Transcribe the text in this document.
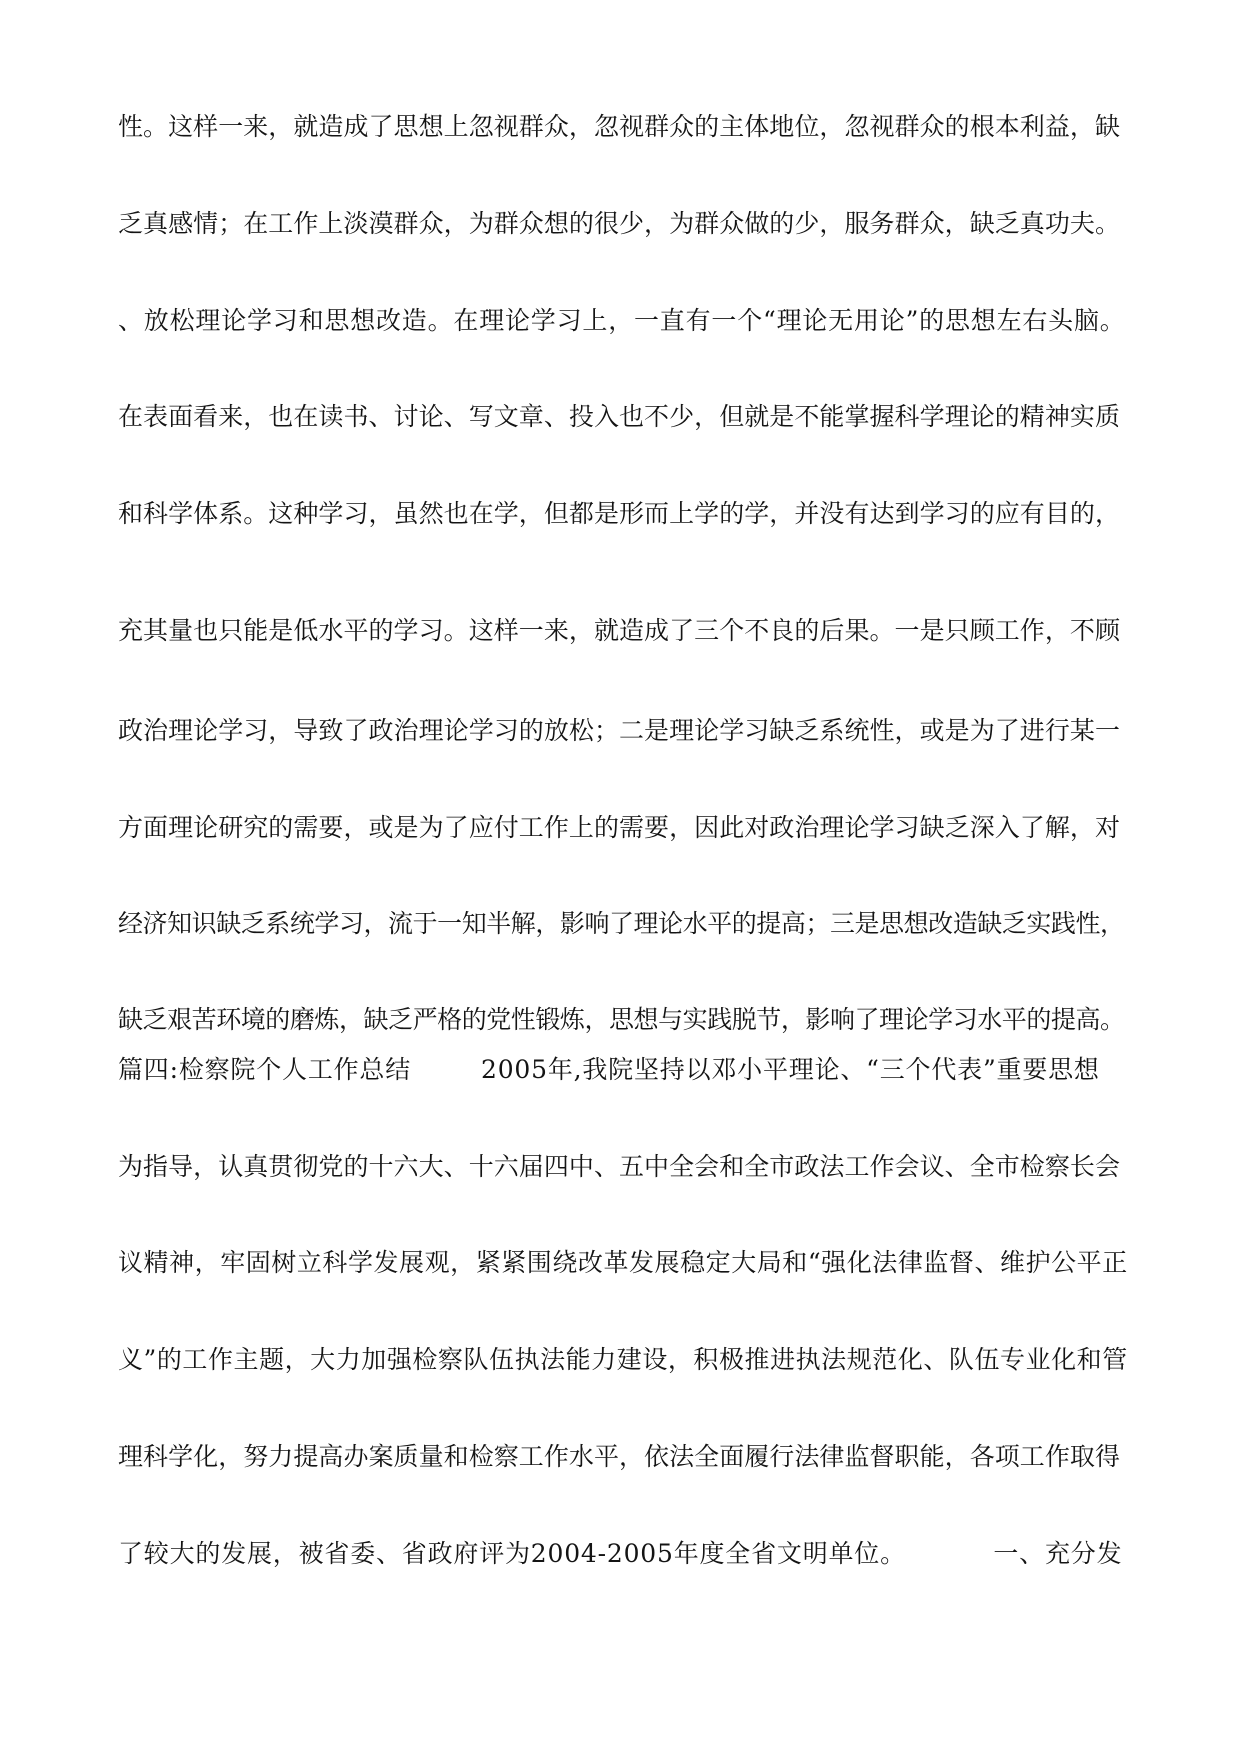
性。这样一来，就造成了思想上忽视群众，忽视群众的主体地位，忽视群众的根本利益，缺

乏真感情；在工作上淡漠群众，为群众想的很少，为群众做的少，服务群众，缺乏真功夫。

、放松理论学习和思想改造。在理论学习上，一直有一个“理论无用论”的思想左右头脑。

在表面看来，也在读书、讨论、写文章、投入也不少，但就是不能掌握科学理论的精神实质

和科学体系。这种学习，虽然也在学，但都是形而上学的学，并没有达到学习的应有目的，

充其量也只能是低水平的学习。这样一来，就造成了三个不良的后果。一是只顾工作，不顾

政治理论学习，导致了政治理论学习的放松；二是理论学习缺乏系统性，或是为了进行某一

方面理论研究的需要，或是为了应付工作上的需要，因此对政治理论学习缺乏深入了解，对

经济知识缺乏系统学习，流于一知半解，影响了理论水平的提高；三是思想改造缺乏实践性，

缺乏艰苦环境的磨炼，缺乏严格的党性锻炼，思想与实践脱节，影响了理论学习水平的提高。

篇四:检察院个人工作总结        2005年,我院坚持以邓小平理论、“三个代表”重要思想

为指导，认真贯彻党的十六大、十六届四中、五中全会和全市政法工作会议、全市检察长会

议精神，牢固树立科学发展观，紧紧围绕改革发展稳定大局和“强化法律监督、维护公平正

义”的工作主题，大力加强检察队伍执法能力建设，积极推进执法规范化、队伍专业化和管

理科学化，努力提高办案质量和检察工作水平，依法全面履行法律监督职能，各项工作取得

了较大的发展，被省委、省政府评为2004-2005年度全省文明单位。          一、充分发
